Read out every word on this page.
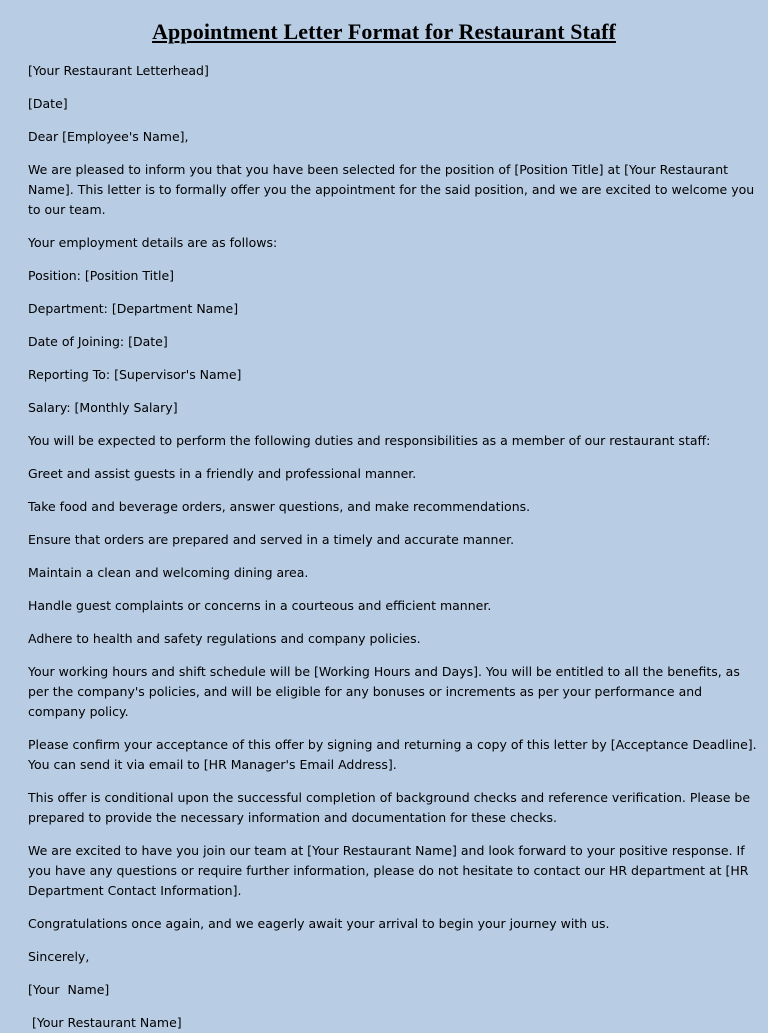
Appointment Letter Format for Restaurant Staff

[Your Restaurant Letterhead]

[Date]

Dear [Employee's Name],

We are pleased to inform you that you have been selected for the position of [Position Title] at [Your Restaurant Name]. This letter is to formally offer you the appointment for the said position, and we are excited to welcome you to our team.

Your employment details are as follows:

Position: [Position Title]

Department: [Department Name]

Date of Joining: [Date]

Reporting To: [Supervisor's Name]

Salary: [Monthly Salary]

You will be expected to perform the following duties and responsibilities as a member of our restaurant staff:

Greet and assist guests in a friendly and professional manner.

Take food and beverage orders, answer questions, and make recommendations.

Ensure that orders are prepared and served in a timely and accurate manner.

Maintain a clean and welcoming dining area.

Handle guest complaints or concerns in a courteous and efficient manner.

Adhere to health and safety regulations and company policies.

Your working hours and shift schedule will be [Working Hours and Days]. You will be entitled to all the benefits, as per the company's policies, and will be eligible for any bonuses or increments as per your performance and company policy.

Please confirm your acceptance of this offer by signing and returning a copy of this letter by [Acceptance Deadline]. You can send it via email to [HR Manager's Email Address].

This offer is conditional upon the successful completion of background checks and reference verification. Please be prepared to provide the necessary information and documentation for these checks.

We are excited to have you join our team at [Your Restaurant Name] and look forward to your positive response. If you have any questions or require further information, please do not hesitate to contact our HR department at [HR Department Contact Information].

Congratulations once again, and we eagerly await your arrival to begin your journey with us.

Sincerely,

[Your  Name]

[Your Restaurant Name]
